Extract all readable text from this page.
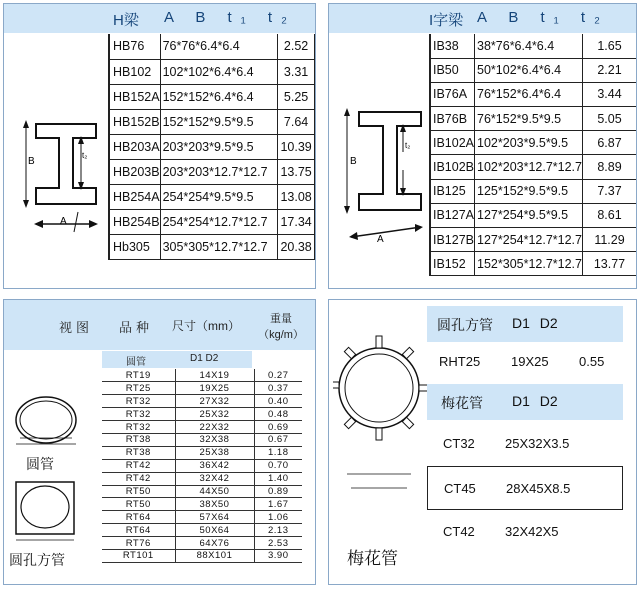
H梁 A B t₁ t₂
HB76	76*76*6.4*6.4	2.52
HB102	102*102*6.4*6.4	3.31
HB152A	152*152*6.4*6.4	5.25
HB152B	152*152*9.5*9.5	7.64
HB203A	203*203*9.5*9.5	10.39
HB203B	203*203*12.7*12.7	13.75
HB254A	254*254*9.5*9.5	13.08
HB254B	254*254*12.7*12.7	17.34
Hb305	305*305*12.7*12.7	20.38
B
A
t₂
I字梁 A B t₁ t₂
IB38	38*76*6.4*6.4	1.65
IB50	50*102*6.4*6.4	2.21
IB76A	76*152*6.4*6.4	3.44
IB76B	76*152*9.5*9.5	5.05
IB102A	102*203*9.5*9.5	6.87
IB102B	102*203*12.7*12.7	8.89
IB125	125*152*9.5*9.5	7.37
IB127A	127*254*9.5*9.5	8.61
IB127B	127*254*12.7*12.7	11.29
IB152	152*305*12.7*12.7	13.77
B
A
t₂
视图 品种 尺寸（mm）	重量（kg/m）
圆管	D1 D2
RT19	14X19	0.27
RT25	19X25	0.37
RT32	27X32	0.40
RT32	25X32	0.48
RT32	22X32	0.69
RT38	32X38	0.67
RT38	25X38	1.18
RT42	36X42	0.70
RT42	32X42	1.40
RT50	44X50	0.89
RT50	38X50	1.67
RT64	57X64	1.06
RT64	50X64	2.13
RT76	64X76	2.53
RT101	88X101	3.90
圆管
圆孔方管	梅花管
圆孔方管 D1 D2
RHT25 19X25 0.55
梅花管 D1 D2
CT32 25X32X3.5
CT45 28X45X8.5
CT42 32X42X5
